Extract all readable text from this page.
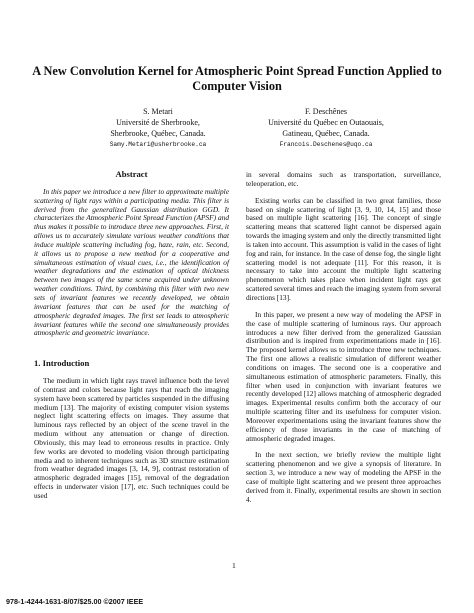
A New Convolution Kernel for Atmospheric Point Spread Function Applied to
Computer Vision
S. Metari
Université de Sherbrooke,
Sherbrooke, Québec, Canada.
Samy.Metari@usherbrooke.ca
F. Deschênes
Université du Québec en Outaouais,
Gatineau, Québec, Canada.
Francois.Deschenes@uqo.ca
Abstract

In this paper we introduce a new filter to approximate multiple scattering of light rays within a participating media. This filter is derived from the generalized Gaussian distribution GGD. It characterizes the Atmospheric Point Spread Function (APSF) and thus makes it possible to introduce three new approaches. First, it allows us to accurately simulate various weather conditions that induce multiple scattering including fog, haze, rain, etc. Second, it allows us to propose a new method for a cooperative and simultaneous estimation of visual cues, i.e., the identification of weather degradations and the estimation of optical thickness between two images of the same scene acquired under unknown weather conditions. Third, by combining this filter with two new sets of invariant features we recently developed, we obtain invariant features that can be used for the matching of atmospheric degraded images. The first set leads to atmospheric invariant features while the second one simultaneously provides atmospheric and geometric invariance.

1. Introduction

The medium in which light rays travel influence both the level of contrast and colors because light rays that reach the imaging system have been scattered by particles suspended in the diffusing medium [13]. The majority of existing computer vision systems neglect light scattering effects on images. They assume that luminous rays reflected by an object of the scene travel in the medium without any attenuation or change of direction. Obviously, this may lead to erroneous results in practice. Only few works are devoted to modeling vision through participating media and to inherent techniques such as 3D structure estimation from weather degraded images [3, 14, 9], contrast restoration of atmospheric degraded images [15], removal of the degradation effects in underwater vision [17], etc. Such techniques could be used

in several domains such as transportation, surveillance, teleoperation, etc.

Existing works can be classified in two great families, those based on single scattering of light [3, 9, 10, 14, 15] and those based on multiple light scattering [16]. The concept of single scattering means that scattered light cannot be dispersed again towards the imaging system and only the directly transmitted light is taken into account. This assumption is valid in the cases of light fog and rain, for instance. In the case of dense fog, the single light scattering model is not adequate [11]. For this reason, it is necessary to take into account the multiple light scattering phenomenon which takes place when incident light rays get scattered several times and reach the imaging system from several directions [13].

In this paper, we present a new way of modeling the APSF in the case of multiple scattering of luminous rays. Our approach introduces a new filter derived from the generalized Gaussian distribution and is inspired from experimentations made in [16]. The proposed kernel allows us to introduce three new techniques. The first one allows a realistic simulation of different weather conditions on images. The second one is a cooperative and simultaneous estimation of atmospheric parameters. Finally, this filter when used in conjunction with invariant features we recently developed [12] allows matching of atmospheric degraded images. Experimental results confirm both the accuracy of our multiple scattering filter and its usefulness for computer vision. Moreover experimentations using the invariant features show the efficiency of those invariants in the case of matching of atmospheric degraded images.

In the next section, we briefly review the multiple light scattering phenomenon and we give a synopsis of literature. In section 3, we introduce a new way of modeling the APSF in the case of multiple light scattering and we present three approaches derived from it. Finally, experimental results are shown in section 4.

1
978-1-4244-1631-8/07/$25.00 ©2007 IEEE
